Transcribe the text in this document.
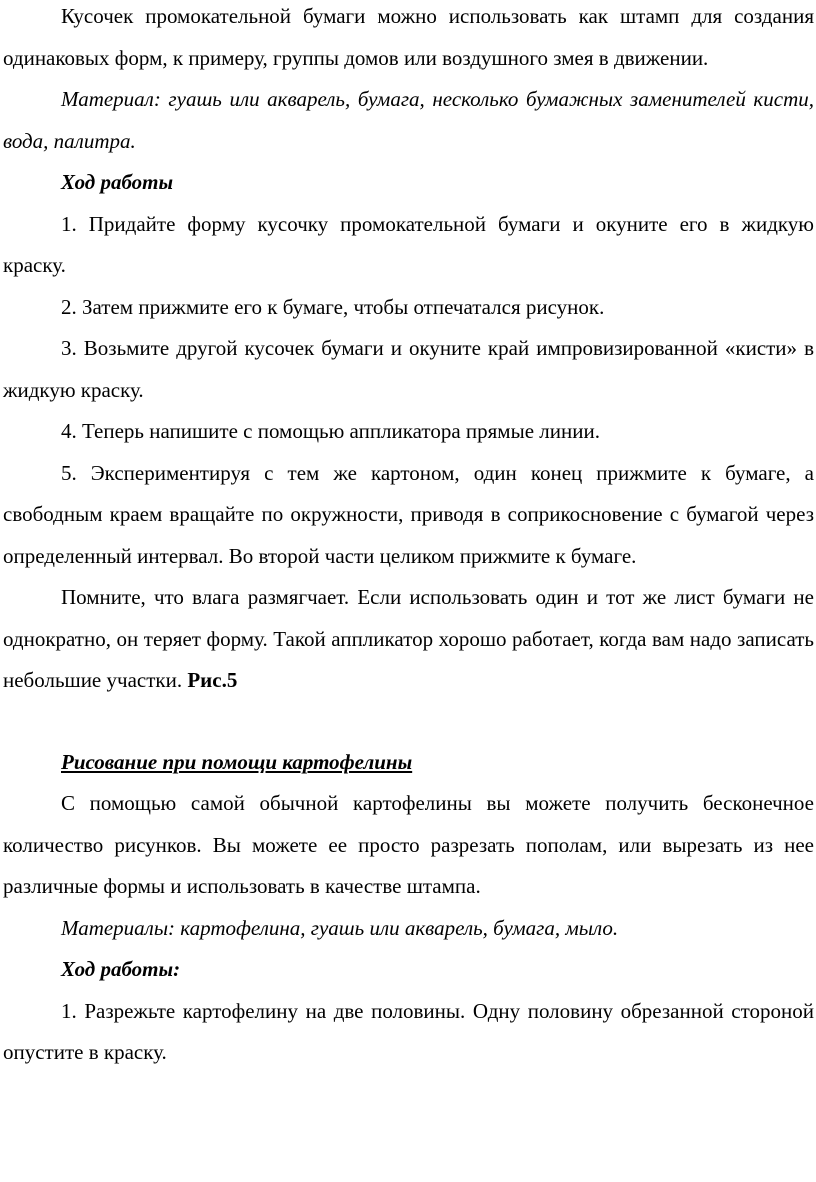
Кусочек промокательной бумаги можно использовать как штамп для создания одинаковых форм, к примеру, группы домов или воздушного змея в движении.

Материал: гуашь или акварель, бумага, несколько бумажных заменителей кисти, вода, палитра.

Ход работы

1. Придайте форму кусочку промокательной бумаги и окуните его в жидкую краску.

2. Затем прижмите его к бумаге, чтобы отпечатался рисунок.

3. Возьмите другой кусочек бумаги и окуните край импровизированной «кисти» в жидкую краску.

4. Теперь напишите с помощью аппликатора прямые линии.

5. Экспериментируя с тем же картоном, один конец прижмите к бумаге, а свободным краем вращайте по окружности, приводя в соприкосновение с бумагой через определенный интервал. Во второй части целиком прижмите к бумаге.

Помните, что влага размягчает. Если использовать один и тот же лист бумаги не однократно, он теряет форму. Такой аппликатор хорошо работает, когда вам надо записать небольшие участки. Рис.5

Рисование при помощи картофелины

С помощью самой обычной картофелины вы можете получить бесконечное количество рисунков. Вы можете ее просто разрезать пополам, или вырезать из нее различные формы и использовать в качестве штампа.

Материалы: картофелина, гуашь или акварель, бумага, мыло.

Ход работы:

1. Разрежьте картофелину на две половины. Одну половину обрезанной стороной опустите в краску.
